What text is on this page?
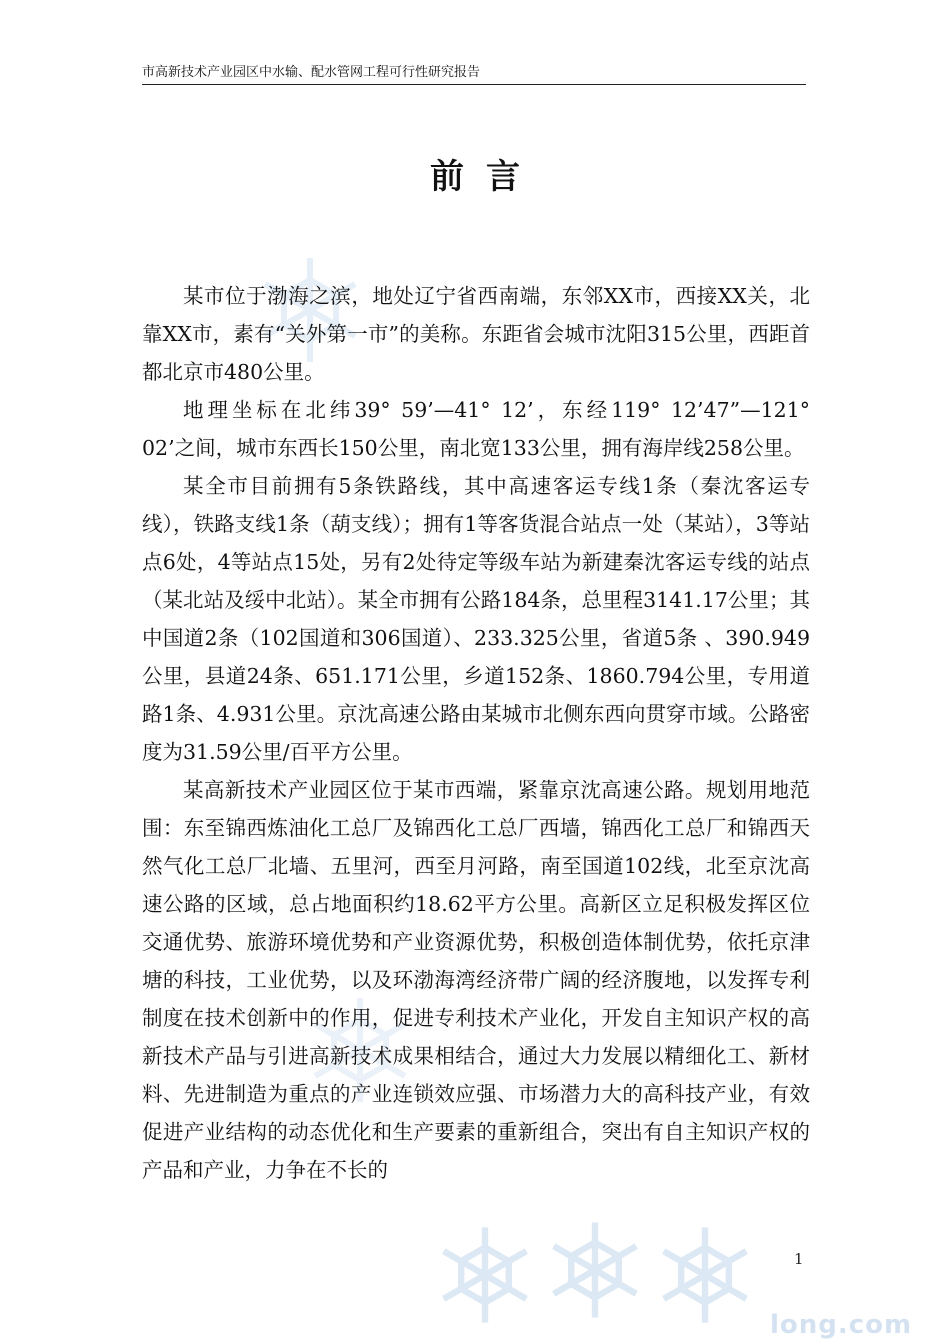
long.com
市高新技术产业园区中水输、配水管网工程可行性研究报告
前言

某市位于渤海之滨，地处辽宁省西南端，东邻XX市，西接XX关，北靠XX市，素有“关外第一市”的美称。东距省会城市沈阳315公里，西距首都北京市480公里。

地理坐标在北纬39° 59’—41° 12’，东经119° 12’47”—121° 02’之间，城市东西长150公里，南北宽133公里，拥有海岸线258公里。

某全市目前拥有5条铁路线，其中高速客运专线1条（秦沈客运专线），铁路支线1条（葫支线）；拥有1等客货混合站点一处（某站），3等站点6处，4等站点15处，另有2处待定等级车站为新建秦沈客运专线的站点（某北站及绥中北站）。某全市拥有公路184条，总里程3141.17公里；其中国道2条（102国道和306国道）、233.325公里，省道5条 、390.949公里，县道24条、651.171公里，乡道152条、1860.794公里，专用道路1条、4.931公里。京沈高速公路由某城市北侧东西向贯穿市域。公路密度为31.59公里/百平方公里。

某高新技术产业园区位于某市西端，紧靠京沈高速公路。规划用地范围：东至锦西炼油化工总厂及锦西化工总厂西墙，锦西化工总厂和锦西天然气化工总厂北墙、五里河，西至月河路，南至国道102线，北至京沈高速公路的区域，总占地面积约18.62平方公里。高新区立足积极发挥区位交通优势、旅游环境优势和产业资源优势，积极创造体制优势，依托京津塘的科技，工业优势，以及环渤海湾经济带广阔的经济腹地，以发挥专利制度在技术创新中的作用，促进专利技术产业化，开发自主知识产权的高新技术产品与引进高新技术成果相结合，通过大力发展以精细化工、新材料、先进制造为重点的产业连锁效应强、市场潜力大的高科技产业，有效促进产业结构的动态优化和生产要素的重新组合，突出有自主知识产权的产品和产业，力争在不长的

1
